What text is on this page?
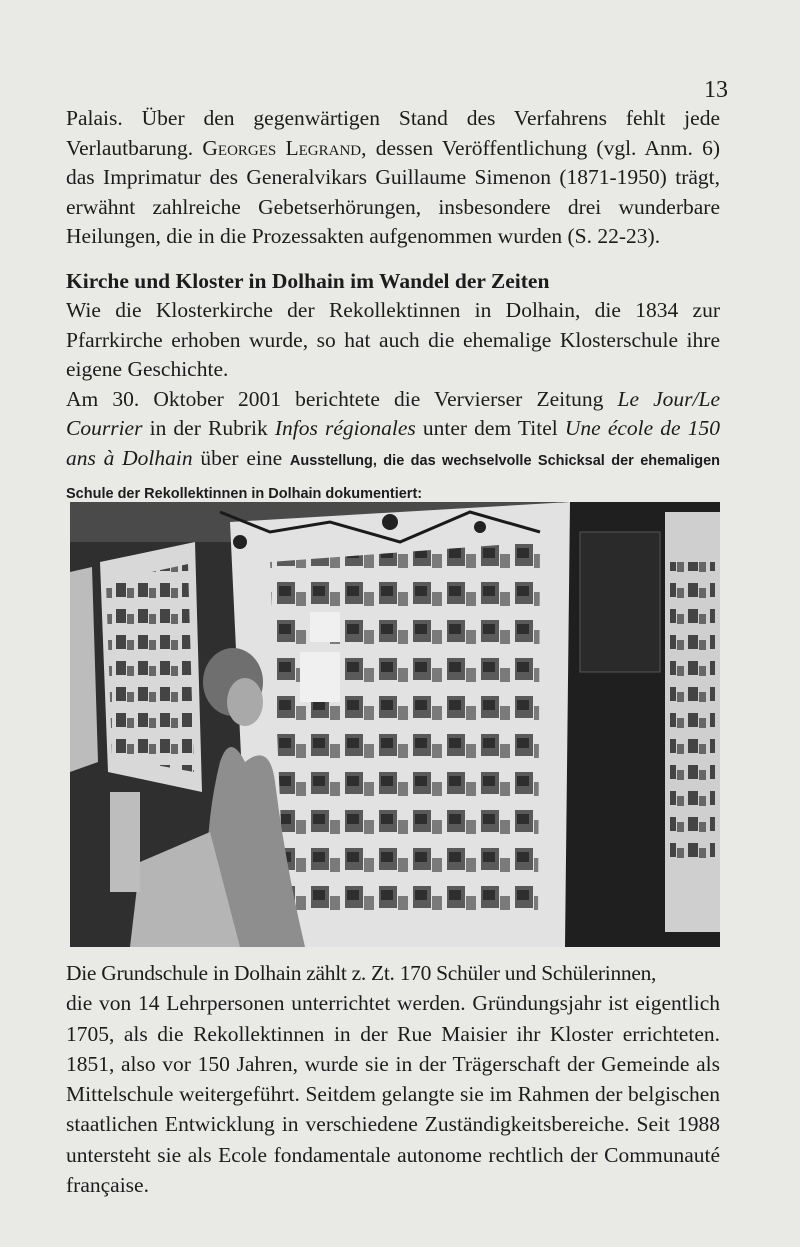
13

Palais. Über den gegenwärtigen Stand des Verfahrens fehlt jede Verlautbarung. Georges Legrand, dessen Veröffentlichung (vgl. Anm. 6) das Imprimatur des Generalvikars Guillaume Simenon (1871-1950) trägt, erwähnt zahlreiche Gebetserhörungen, insbesondere drei wunderbare Heilungen, die in die Prozessakten aufgenommen wurden (S. 22-23).

Kirche und Kloster in Dolhain im Wandel der Zeiten

Wie die Klosterkirche der Rekollektinnen in Dolhain, die 1834 zur Pfarrkirche erhoben wurde, so hat auch die ehemalige Klosterschule ihre eigene Geschichte.

Am 30. Oktober 2001 berichtete die Vervierser Zeitung Le Jour/Le Courrier in der Rubrik Infos régionales unter dem Titel Une école de 150 ans à Dolhain über eine Ausstellung, die das wechselvolle Schicksal der ehemaligen Schule der Rekollektinnen in Dolhain dokumentiert:

Die Grundschule in Dolhain zählt z. Zt. 170 Schüler und Schülerinnen,
die von 14 Lehrpersonen unterrichtet werden. Gründungsjahr ist eigentlich 1705, als die Rekollektinnen in der Rue Maisier ihr Kloster errichteten. 1851, also vor 150 Jahren, wurde sie in der Trägerschaft der Gemeinde als Mittelschule weitergeführt. Seitdem gelangte sie im Rahmen der belgischen staatlichen Entwicklung in verschiedene Zuständigkeitsbereiche. Seit 1988 untersteht sie als Ecole fondamentale autonome rechtlich der Communauté française.
